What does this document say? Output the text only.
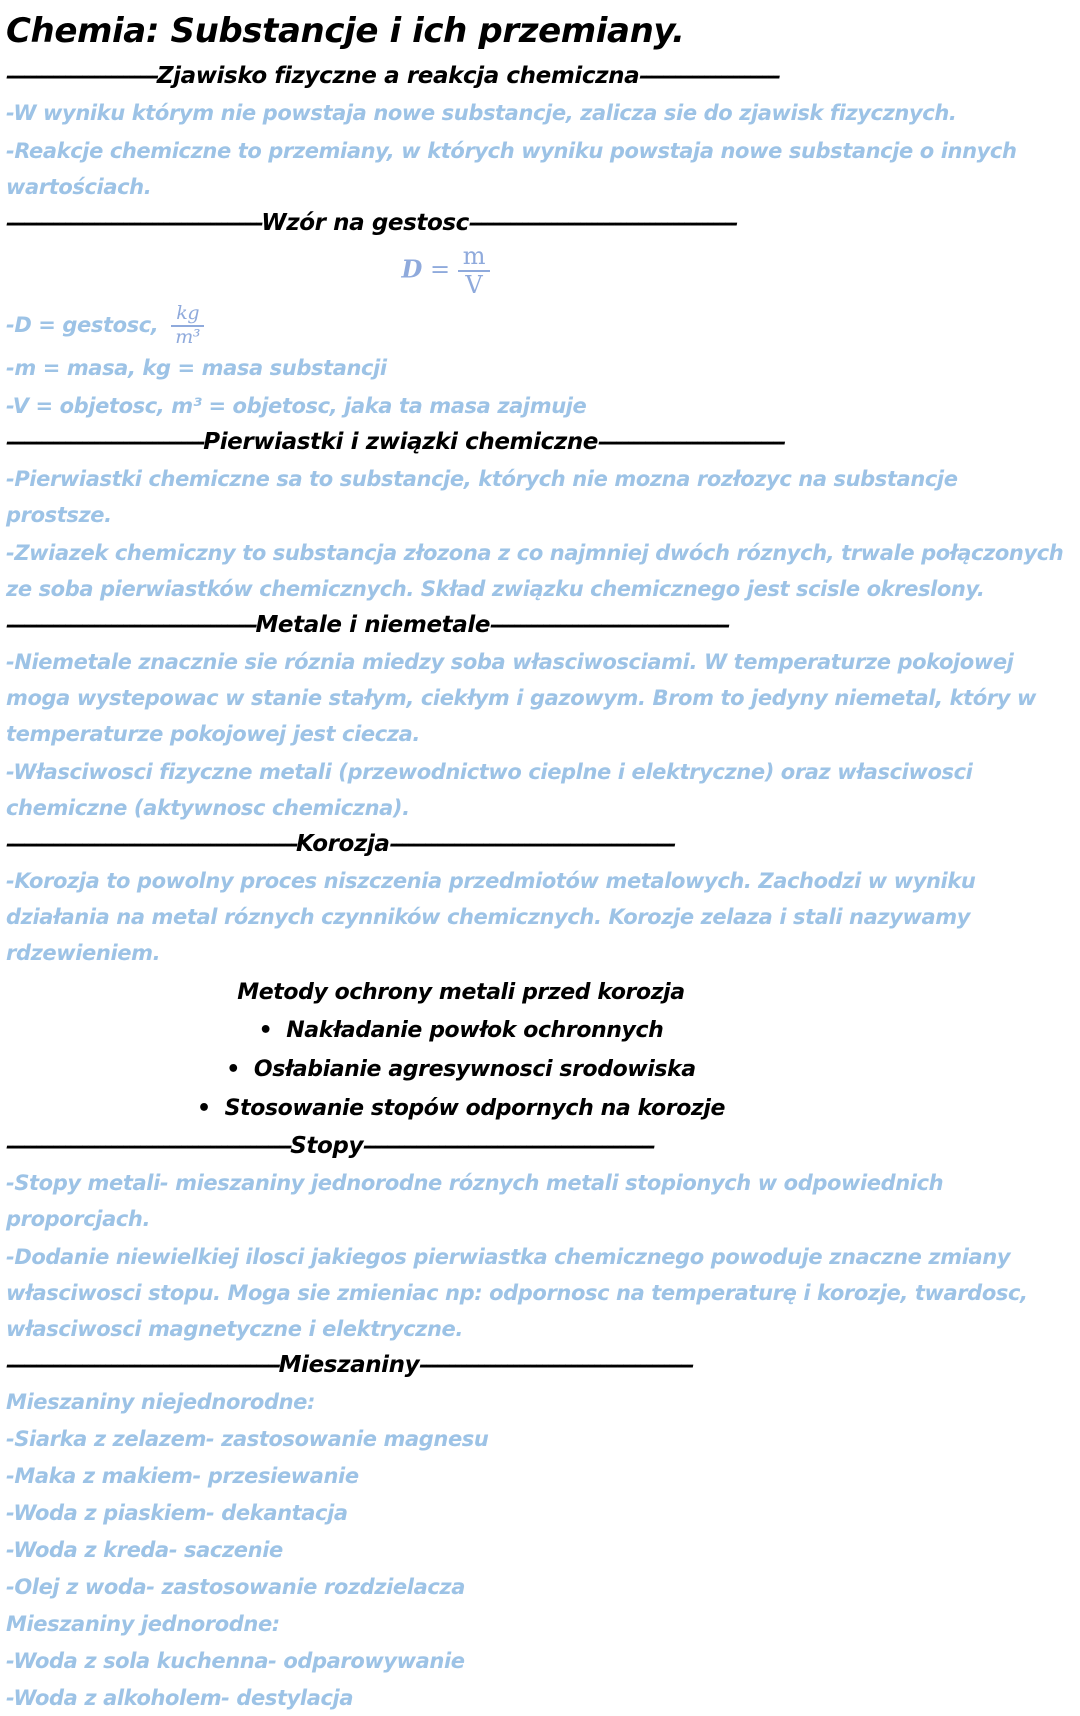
Chemia: Substancje i ich przemiany.
--------------------------Zjawisko fizyczne a reakcja chemiczna------------------------
-W wyniku którym nie powstaja nowe substancje, zalicza sie do zjawisk fizycznych.
-Reakcje chemiczne to przemiany, w których wyniku powstaja nowe substancje o innych wartościach.
--------------------------------------------Wzór na gestosc----------------------------------------------
$D = \frac{m}{V}$
-D = gestosc, $\frac{kg}{\text{m³}}$
-m = masa, kg = masa substancji
-V = objetosc, m³ = objetosc, jaka ta masa zajmuje
----------------------------------Pierwiastki i związki chemiczne--------------------------------
-Pierwiastki chemiczne sa to substancje, których nie mozna rozłozyc na substancje prostsze.
-Zwiazek chemiczny to substancja złozona z co najmniej dwóch róznych, trwale połączonych ze soba pierwiastków chemicznych. Skład związku chemicznego jest scisle okreslony.
-------------------------------------------Metale i niemetale-----------------------------------------
-Niemetale znacznie sie róznia miedzy soba własciwosciami. W temperaturze pokojowej moga wystepowac w stanie stałym, ciekłym i gazowym. Brom to jedyny niemetal, który w temperaturze pokojowej jest ciecza.
-Własciwosci fizyczne metali (przewodnictwo cieplne i elektryczne) oraz własciwosci chemiczne (aktywnosc chemiczna).
--------------------------------------------------Korozja-------------------------------------------------
-Korozja to powolny proces niszczenia przedmiotów metalowych. Zachodzi w wyniku działania na metal róznych czynników chemicznych. Korozje zelaza i stali nazywamy rdzewieniem.
Metody ochrony metali przed korozja
• Nakładanie powłok ochronnych
• Osłabianie agresywnosci srodowiska
• Stosowanie stopów odpornych na korozje
-------------------------------------------------Stopy--------------------------------------------------
-Stopy metali- mieszaniny jednorodne róznych metali stopionych w odpowiednich proporcjach.
-Dodanie niewielkiej ilosci jakiegos pierwiastka chemicznego powoduje znaczne zmiany własciwosci stopu. Moga sie zmieniac np: odpornosc na temperaturę i korozje, twardosc, własciwosci magnetyczne i elektryczne.
-----------------------------------------------Mieszaniny-----------------------------------------------
Mieszaniny niejednorodne:
-Siarka z zelazem- zastosowanie magnesu
-Maka z makiem- przesiewanie
-Woda z piaskiem- dekantacja
-Woda z kreda- saczenie
-Olej z woda- zastosowanie rozdzielacza
Mieszaniny jednorodne:
-Woda z sola kuchenna- odparowywanie
-Woda z alkoholem- destylacja
